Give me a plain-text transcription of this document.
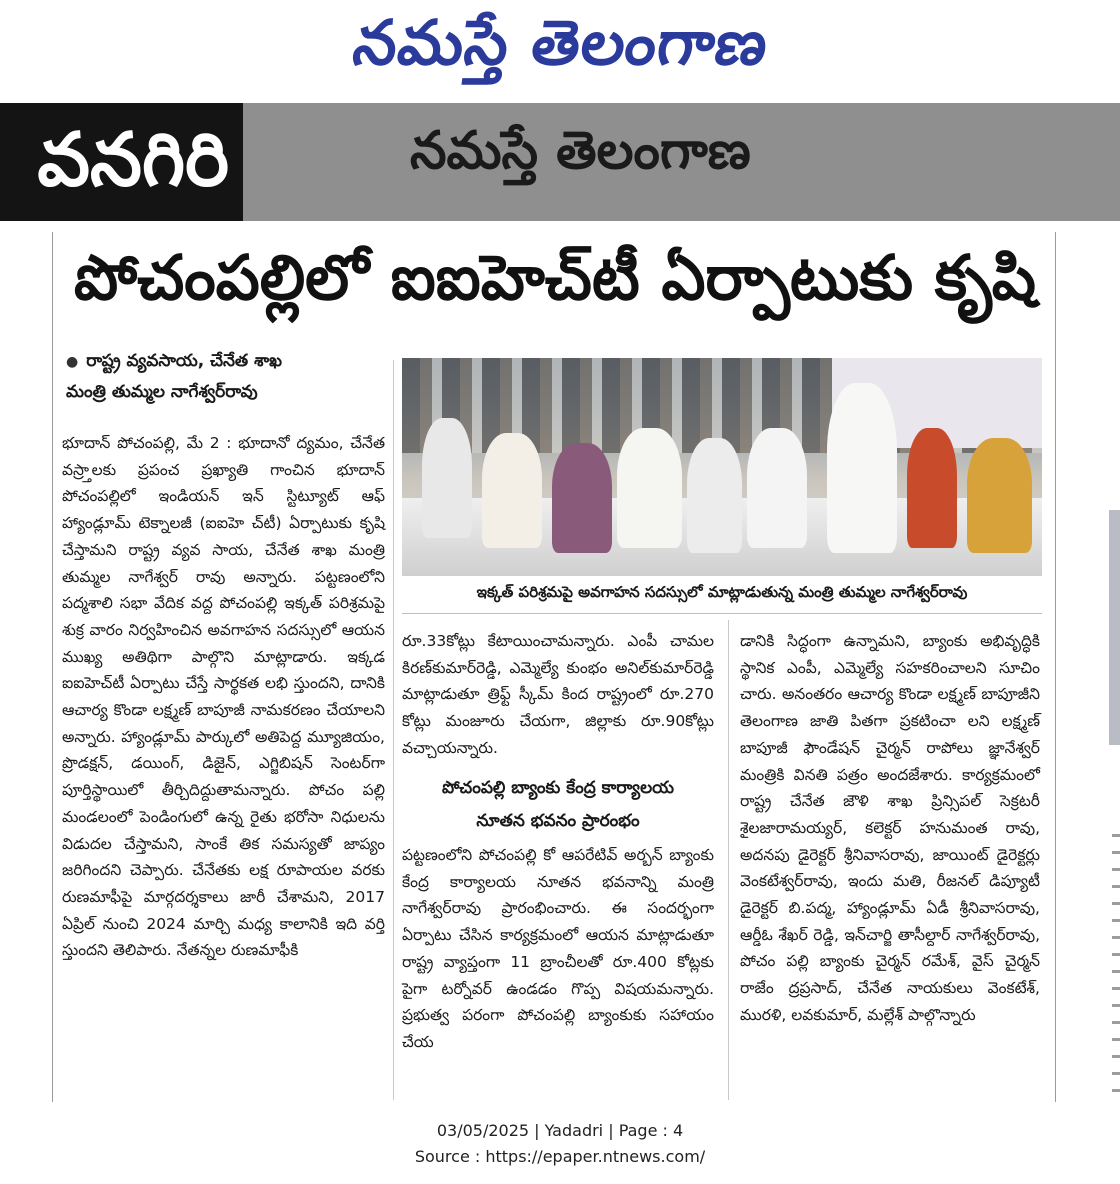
నమస్తే తెలంగాణ
వనగిరి	నమస్తే తెలంగాణ
పోచంపల్లిలో ఐఐహెచ్‌టీ ఏర్పాటుకు కృషి
● రాష్ట్ర వ్యవసాయ, చేనేత శాఖ
మంత్రి తుమ్మల నాగేశ్వర్‌రావు
ఇక్కత్ పరిశ్రమపై అవగాహన సదస్సులో మాట్లాడుతున్న మంత్రి తుమ్మల నాగేశ్వర్‌రావు

భూదాన్ పోచంపల్లి, మే 2 : భూదానో ద్యమం, చేనేత వస్ర్తాలకు ప్రపంచ ప్రఖ్యాతి గాంచిన భూదాన్ పోచంపల్లిలో ఇండియన్ ఇన్ స్టిట్యూట్ ఆఫ్ హ్యాండ్లూమ్ టెక్నాలజీ (ఐఐహె చ్‌టీ) ఏర్పాటుకు కృషి చేస్తామని రాష్ట్ర వ్యవ సాయ, చేనేత శాఖ మంత్రి తుమ్మల నాగేశ్వర్ రావు అన్నారు. పట్టణంలోని పద్మశాలి సభా వేదిక వద్ద పోచంపల్లి ఇక్కత్ పరిశ్రమపై శుక్ర వారం నిర్వహించిన అవగాహన సదస్సులో ఆయన ముఖ్య అతిథిగా పాల్గొని మాట్లాడారు. ఇక్కడ ఐఐహెచ్‌టీ ఏర్పాటు చేస్తే సార్థకత లభి స్తుందని, దానికి ఆచార్య కొండా లక్ష్మణ్ బాపూజీ నామకరణం చేయాలని అన్నారు. హ్యాండ్లూమ్ పార్కులో అతిపెద్ద మ్యూజియం, ప్రొడక్షన్, డయింగ్, డిజైన్, ఎగ్జిబిషన్ సెంటర్‌గా పూర్తిస్థాయిలో తీర్చిదిద్దుతామన్నారు. పోచం పల్లి మండలంలో పెండింగులో ఉన్న రైతు భరోసా నిధులను విడుదల చేస్తామని, సాంకే తిక సమస్యతో జాప్యం జరిగిందని చెప్పారు. చేనేతకు లక్ష రూపాయల వరకు రుణమాఫీపై మార్గదర్శకాలు జారీ చేశామని, 2017 ఏప్రిల్ నుంచి 2024 మార్చి మధ్య కాలానికి ఇది వర్తి స్తుందని తెలిపారు. నేతన్నల రుణమాఫీకి

రూ.33కోట్లు కేటాయించామన్నారు. ఎంపీ చామల కిరణ్‌కుమార్‌రెడ్డి, ఎమ్మెల్యే కుంభం అనిల్‌కుమార్‌రెడ్డి మాట్లాడుతూ త్రిఫ్ట్ స్కీమ్ కింద రాష్ట్రంలో రూ.270 కోట్లు మంజూరు చేయగా, జిల్లాకు రూ.90కోట్లు వచ్చాయన్నారు.

పోచంపల్లి బ్యాంకు కేంద్ర కార్యాలయ
నూతన భవనం ప్రారంభం

పట్టణంలోని పోచంపల్లి కో ఆపరేటివ్ అర్బన్ బ్యాంకు కేంద్ర కార్యాలయ నూతన భవనాన్ని మంత్రి నాగేశ్వర్‌రావు ప్రారంభించారు. ఈ సందర్భంగా ఏర్పాటు చేసిన కార్యక్రమంలో ఆయన మాట్లాడుతూ రాష్ట్ర వ్యాప్తంగా 11 బ్రాంచీలతో రూ.400 కోట్లకు పైగా టర్నోవర్ ఉండడం గొప్ప విషయమన్నారు. ప్రభుత్వ పరంగా పోచంపల్లి బ్యాంకుకు సహాయం చేయ

డానికి సిద్ధంగా ఉన్నామని, బ్యాంకు అభివృద్ధికి స్థానిక ఎంపీ, ఎమ్మెల్యే సహకరించాలని సూచిం చారు. అనంతరం ఆచార్య కొండా లక్ష్మణ్ బాపూజీని తెలంగాణ జాతి పితగా ప్రకటించా లని లక్ష్మణ్ బాపూజీ ఫౌండేషన్ చైర్మన్ రాపోలు జ్ఞానేశ్వర్ మంత్రికి వినతి పత్రం అందజేశారు. కార్యక్రమంలో రాష్ట్ర చేనేత జౌళి శాఖ ప్రిన్సిపల్ సెక్రటరీ శైలజారామయ్యర్, కలెక్టర్ హనుమంత రావు, అదనపు డైరెక్టర్ శ్రీనివాసరావు, జాయింట్ డైరెక్టర్లు వెంకటేశ్వర్‌రావు, ఇందు మతి, రీజనల్ డిప్యూటీ డైరెక్టర్ బి.పద్మ, హ్యాండ్లూమ్ ఏడీ శ్రీనివాసరావు, ఆర్డీఓ శేఖర్ రెడ్డి, ఇన్‌చార్జి తాసీల్దార్ నాగేశ్వర్‌రావు, పోచం పల్లి బ్యాంకు చైర్మన్ రమేశ్, వైస్ చైర్మన్ రాజేం ద్రప్రసాద్, చేనేత నాయకులు వెంకటేశ్, మురళి, లవకుమార్, మల్లేశ్ పాల్గొన్నారు

03/05/2025 | Yadadri | Page : 4
Source : https://epaper.ntnews.com/
